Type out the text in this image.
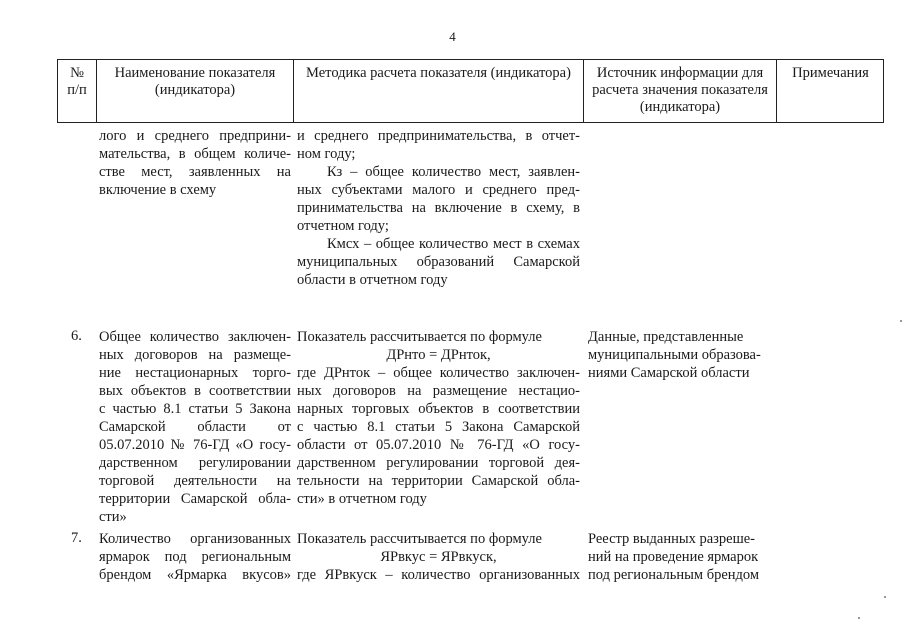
4
№
п/п
Наименование показателя
(индикатора)
Методика расчета показателя (индикатора)	Источник информации для
расчета значения показателя
(индикатора)
Примечания
лого и среднего предприни-
мательства, в общем количе-
стве мест, заявленных на
включение в схему
и среднего предпринимательства, в отчет-
ном году;
Кз – общее количество мест, заявлен-
ных субъектами малого и среднего пред-
принимательства на включение в схему, в
отчетном году;
Кмсх – общее количество мест в схемах
муниципальных образований Самарской
области в отчетном году
6. Общее количество заключен-
ных договоров на размеще-
ние нестационарных торго-
вых объектов в соответствии
с частью 8.1 статьи 5 Закона
Самарской области от
05.07.2010 № 76-ГД «О госу-
дарственном регулировании
торговой деятельности на
территории Самарской обла-
сти»
Показатель рассчитывается по формуле
ДРнто = ДРнток,
где ДРнток – общее количество заключен-
ных договоров на размещение нестацио-
нарных торговых объектов в соответствии
с частью 8.1 статьи 5 Закона Самарской
области от 05.07.2010 № 76-ГД «О госу-
дарственном регулировании торговой дея-
тельности на территории Самарской обла-
сти» в отчетном году
Данные, представленные
муниципальными образова-
ниями Самарской области
7. Количество организованных
ярмарок под региональным
брендом «Ярмарка вкусов»
Показатель рассчитывается по формуле
ЯРвкус = ЯРвкуск,
где ЯРвкуск – количество организованных
Реестр выданных разреше-
ний на проведение ярмарок
под региональным брендом
